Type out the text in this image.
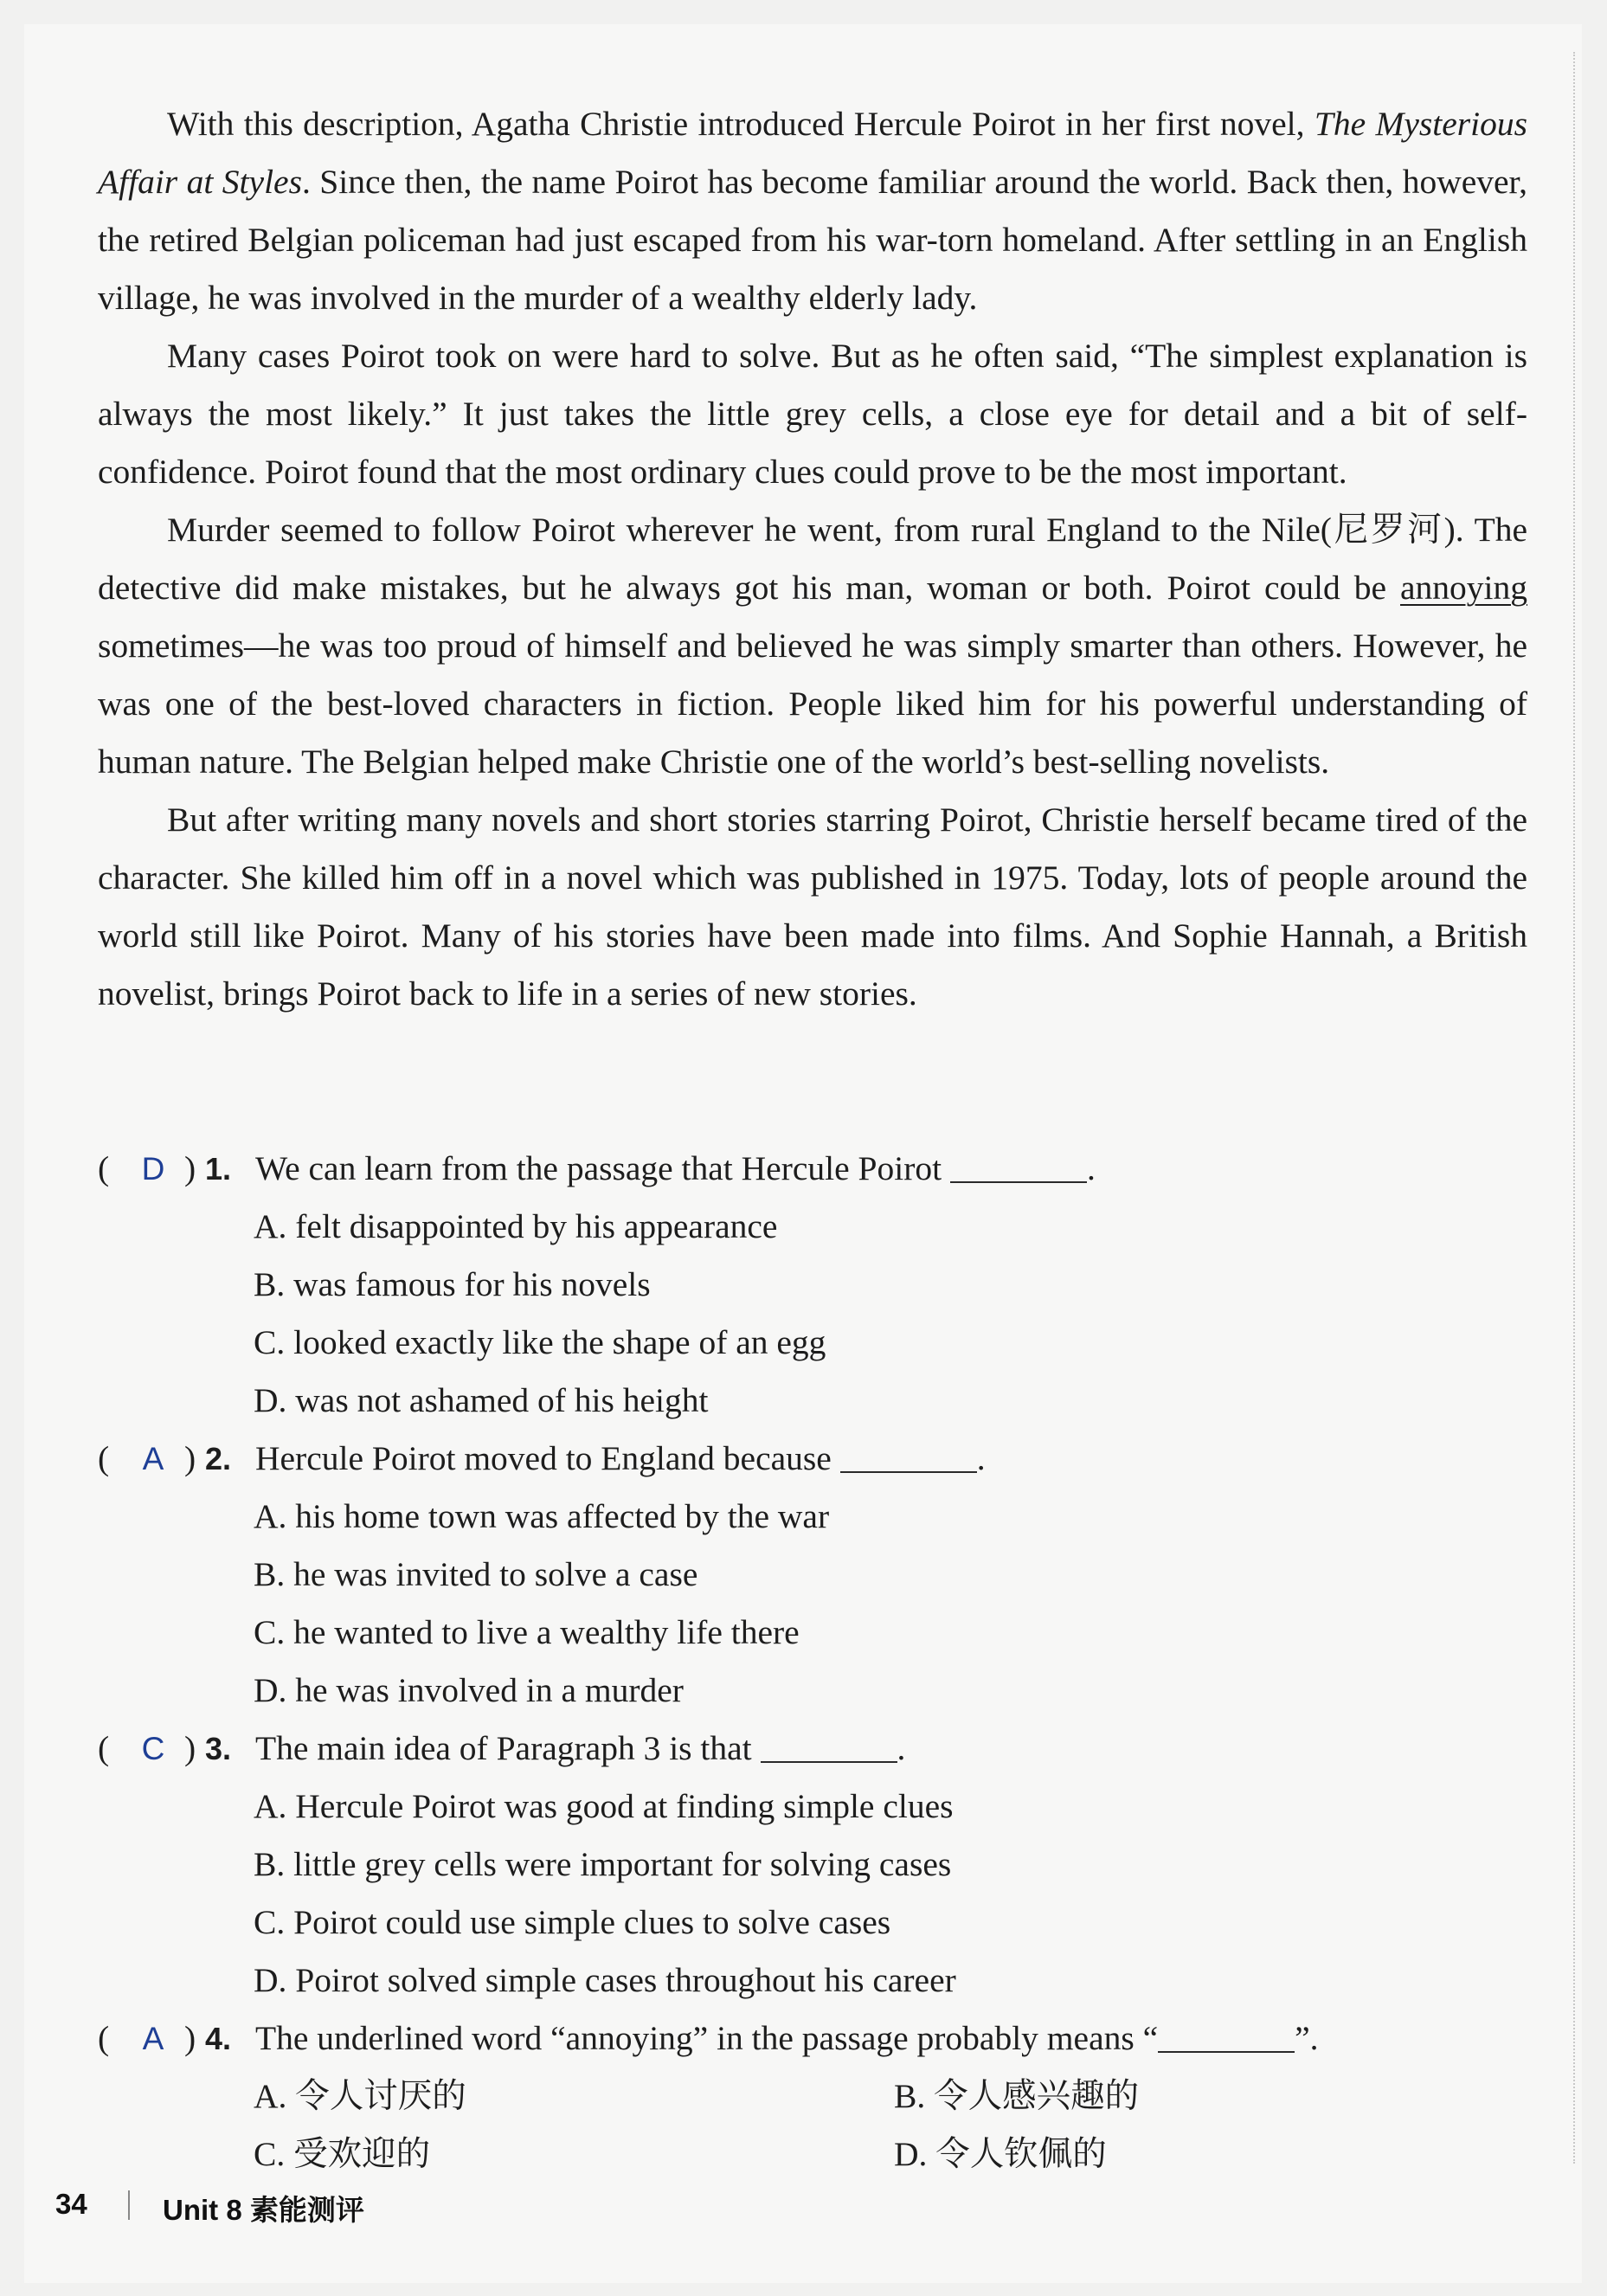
With this description, Agatha Christie introduced Hercule Poirot in her first novel, The Mysterious Affair at Styles. Since then, the name Poirot has become familiar around the world. Back then, however, the retired Belgian policeman had just escaped from his war-torn homeland. After settling in an English village, he was involved in the murder of a wealthy elderly lady.

Many cases Poirot took on were hard to solve. But as he often said, “The simplest explanation is always the most likely.” It just takes the little grey cells, a close eye for detail and a bit of self-confidence. Poirot found that the most ordinary clues could prove to be the most important.

Murder seemed to follow Poirot wherever he went, from rural England to the Nile(尼罗河). The detective did make mistakes, but he always got his man, woman or both. Poirot could be annoying sometimes—he was too proud of himself and believed he was simply smarter than others. However, he was one of the best-loved characters in fiction. People liked him for his powerful understanding of human nature. The Belgian helped make Christie one of the world’s best-selling novelists.

But after writing many novels and short stories starring Poirot, Christie herself became tired of the character. She killed him off in a novel which was published in 1975. Today, lots of people around the world still like Poirot. Many of his stories have been made into films. And Sophie Hannah, a British novelist, brings Poirot back to life in a series of new stories.

( D ) 1. We can learn from the passage that Hercule Poirot	.
A. felt disappointed by his appearance
B. was famous for his novels
C. looked exactly like the shape of an egg
D. was not ashamed of his height
( A ) 2. Hercule Poirot moved to England because	.
A. his home town was affected by the war
B. he was invited to solve a case
C. he wanted to live a wealthy life there
D. he was involved in a murder
( C ) 3. The main idea of Paragraph 3 is that	.
A. Hercule Poirot was good at finding simple clues
B. little grey cells were important for solving cases
C. Poirot could use simple clues to solve cases
D. Poirot solved simple cases throughout his career
( A ) 4. The underlined word “annoying” in the passage probably means “	”.
A. 令人讨厌的	B. 令人感兴趣的
C. 受欢迎的	D. 令人钦佩的
34	Unit 8 素能测评
